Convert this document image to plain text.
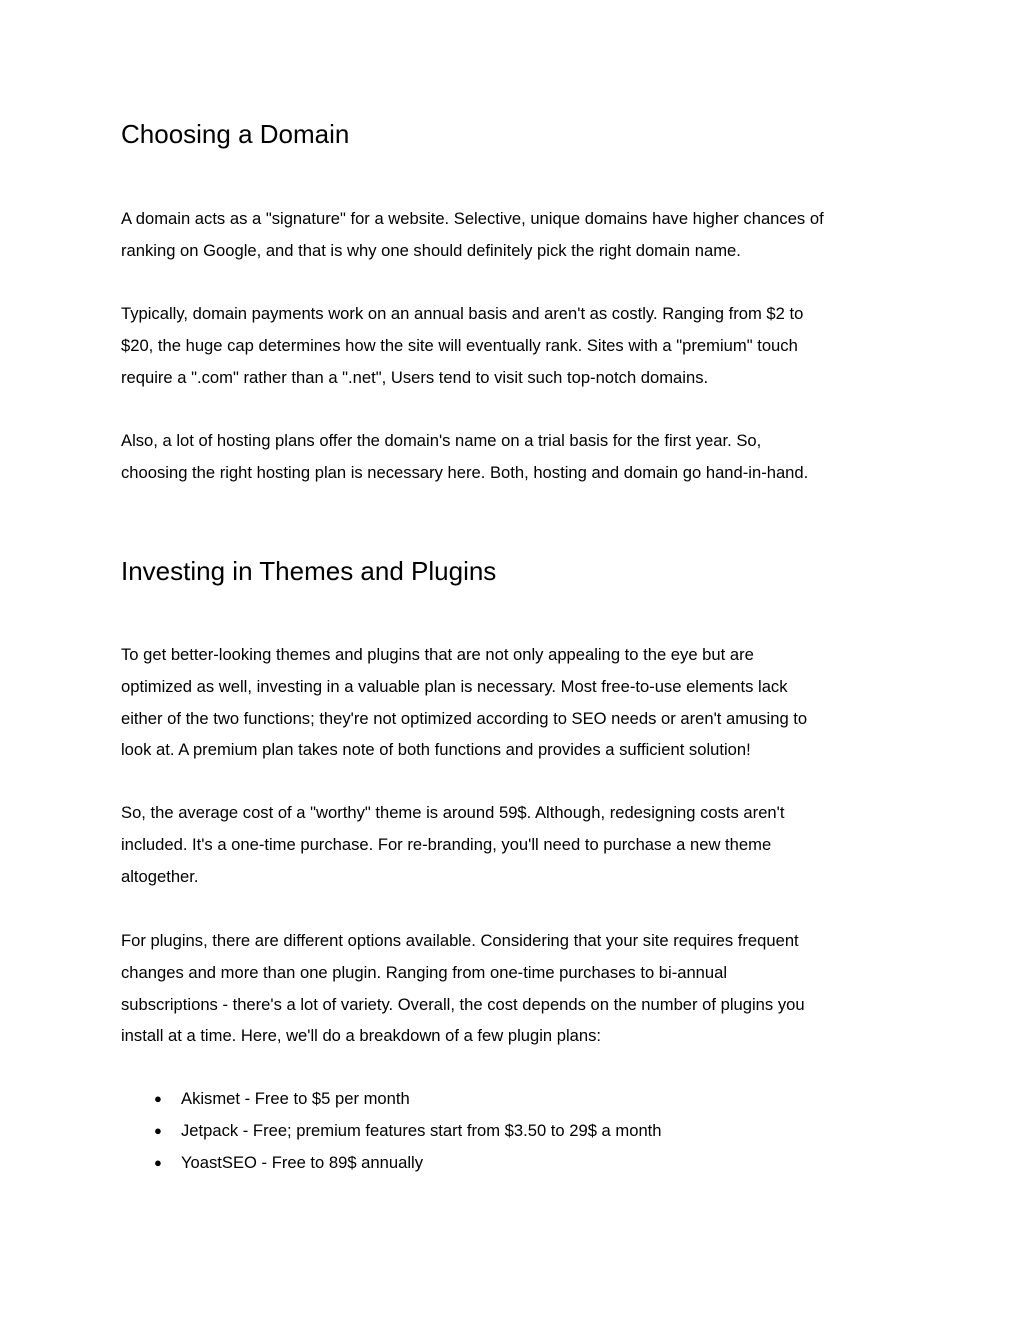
Choosing a Domain

A domain acts as a "signature" for a website. Selective, unique domains have higher chances of
ranking on Google, and that is why one should definitely pick the right domain name.

Typically, domain payments work on an annual basis and aren't as costly. Ranging from $2 to
$20, the huge cap determines how the site will eventually rank. Sites with a "premium" touch
require a ".com" rather than a ".net", Users tend to visit such top-notch domains.

Also, a lot of hosting plans offer the domain's name on a trial basis for the first year. So,
choosing the right hosting plan is necessary here. Both, hosting and domain go hand-in-hand.

Investing in Themes and Plugins

To get better-looking themes and plugins that are not only appealing to the eye but are
optimized as well, investing in a valuable plan is necessary. Most free-to-use elements lack
either of the two functions; they're not optimized according to SEO needs or aren't amusing to
look at. A premium plan takes note of both functions and provides a sufficient solution!

So, the average cost of a "worthy" theme is around 59$. Although, redesigning costs aren't
included. It's a one-time purchase. For re-branding, you'll need to purchase a new theme
altogether.

For plugins, there are different options available. Considering that your site requires frequent
changes and more than one plugin. Ranging from one-time purchases to bi-annual
subscriptions - there's a lot of variety. Overall, the cost depends on the number of plugins you
install at a time. Here, we'll do a breakdown of a few plugin plans:

● Akismet - Free to $5 per month
● Jetpack - Free; premium features start from $3.50 to 29$ a month
● YoastSEO - Free to 89$ annually
